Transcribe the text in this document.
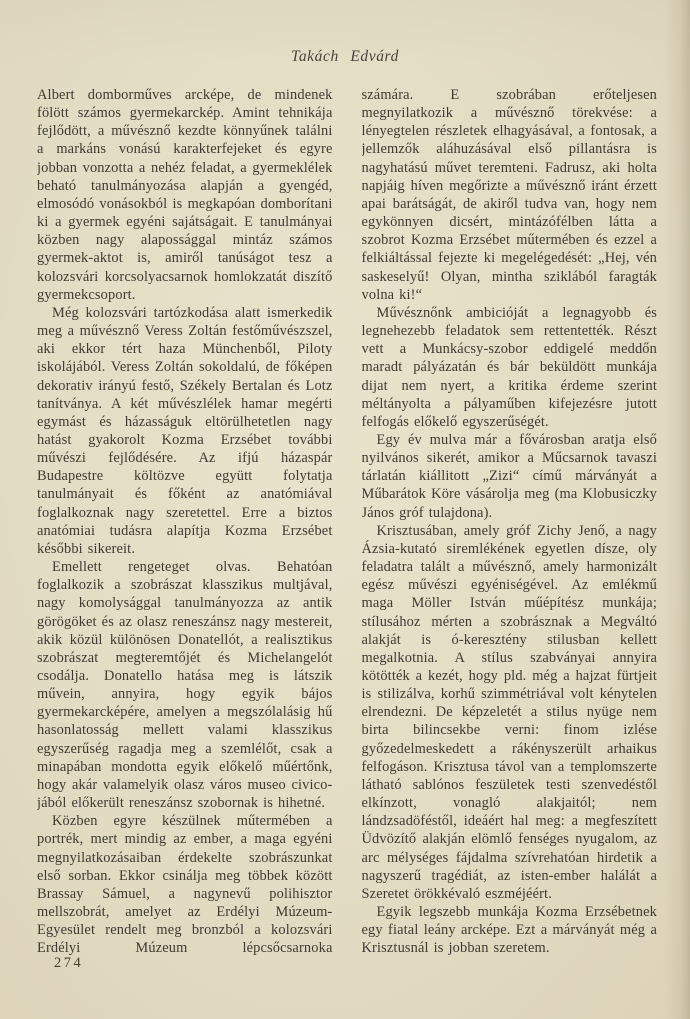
Takách Edvárd

Albert domborműves arcképe, de mindenek fölött számos gyermekarckép. Amint tehnikája fejlődött, a művésznő kezdte könnyűnek találni a markáns vonású karakterfejeket és egyre jobban vonzotta a nehéz feladat, a gyermeklélek beható tanulmányozása alapján a gyengéd, elmosódó vonásokból is megkapóan domborítani ki a gyermek egyéni sajátságait. E tanulmányai közben nagy alapossággal mintáz számos gyermek-aktot is, amiről tanúságot tesz a kolozsvári korcsolyacsarnok homlokzatát diszítő gyermekcsoport.

Még kolozsvári tartózkodása alatt ismerkedik meg a művésznő Veress Zoltán festőművészszel, aki ekkor tért haza Münchenből, Piloty iskolájából. Veress Zoltán sokoldalú, de főképen dekorativ irányú festő, Székely Bertalan és Lotz tanítványa. A két művészlélek hamar megérti egymást és házasságuk eltörülhetetlen nagy hatást gyakorolt Kozma Erzsébet további művészi fejlődésére. Az ifjú házaspár Budapestre költözve együtt folytatja tanulmányait és főként az anatómiával foglalkoznak nagy szeretettel. Erre a biztos anatómiai tudásra alapítja Kozma Erzsébet későbbi sikereit.

Emellett rengeteget olvas. Behatóan foglalkozik a szobrászat klasszikus multjával, nagy komolysággal tanulmányozza az antik görögöket és az olasz reneszánsz nagy mestereit, akik közül különösen Donatellót, a realisztikus szobrászat megteremtőjét és Michelangelót csodálja. Donatello hatása meg is látszik művein, annyira, hogy egyik bájos gyermekarcképére, amelyen a megszólalásig hű hasonlatosság mellett valami klasszikus egyszerűség ragadja meg a szemlélőt, csak a minapában mondotta egyik előkelő műértőnk, hogy akár valamelyik olasz város museo civico-jából előkerült reneszánsz szobornak is hihetné.

Közben egyre készülnek műtermében a portrék, mert mindig az ember, a maga egyéni megnyilatkozásaiban érdekelte szobrászunkat első sorban. Ekkor csinálja meg többek között Brassay Sámuel, a nagynevű polihisztor mellszobrát, amelyet az Erdélyi Múzeum-Egyesület rendelt meg bronzból a kolozsvári Erdélyi Múzeum lépcsőcsarnoka

számára. E szobrában erőteljesen megnyilatkozik a művésznő törekvése: a lényegtelen részletek elhagyásával, a fontosak, a jellemzők aláhuzásával első pillantásra is nagyhatású művet teremteni. Fadrusz, aki holta napjáig híven megőrizte a művésznő iránt érzett apai barátságát, de akiről tudva van, hogy nem egykönnyen dicsért, mintázófélben látta a szobrot Kozma Erzsébet műtermében és ezzel a felkiáltással fejezte ki megelégedését: „Hej, vén saskeselyű! Olyan, mintha sziklából faragták volna ki!“

Művésznőnk ambicióját a legnagyobb és legnehezebb feladatok sem rettentették. Részt vett a Munkácsy-szobor eddigelé meddőn maradt pályázatán és bár beküldött munkája dijat nem nyert, a kritika érdeme szerint méltányolta a pályaműben kifejezésre jutott felfogás előkelő egyszerűségét.

Egy év mulva már a fővárosban aratja első nyilvános sikerét, amikor a Műcsarnok tavaszi tárlatán kiállitott „Zizi“ című márványát a Műbarátok Köre vásárolja meg (ma Klobusiczky János gróf tulajdona).

Krisztusában, amely gróf Zichy Jenő, a nagy Ázsia-kutató siremlékének egyetlen dísze, oly feladatra talált a művésznő, amely harmonizált egész művészi egyéniségével. Az emlékmű maga Möller István műépítész munkája; stílusához mérten a szobrásznak a Megváltó alakját is ó-keresztény stilusban kellett megalkotnia. A stílus szabványai annyira kötötték a kezét, hogy pld. még a hajzat fürtjeit is stilizálva, korhű szimmétriával volt kénytelen elrendezni. De képzeletét a stilus nyüge nem birta bilincsekbe verni: finom izlése győzedelmeskedett a rákényszerült arhaikus felfogáson. Krisztusa távol van a templomszerte látható sablónos feszületek testi szenvedéstől elkínzott, vonagló alakjaitól; nem lándzsadöféstől, ideáért hal meg: a megfeszített Üdvözítő alakján elömlő fenséges nyugalom, az arc mélységes fájdalma szívrehatóan hirdetik a nagyszerű tragédiát, az isten-ember halálát a Szeretet örökkévaló eszméjéért.

Egyik legszebb munkája Kozma Erzsébetnek egy fiatal leány arcképe. Ezt a márványát még a Krisztusnál is jobban szeretem.

274
